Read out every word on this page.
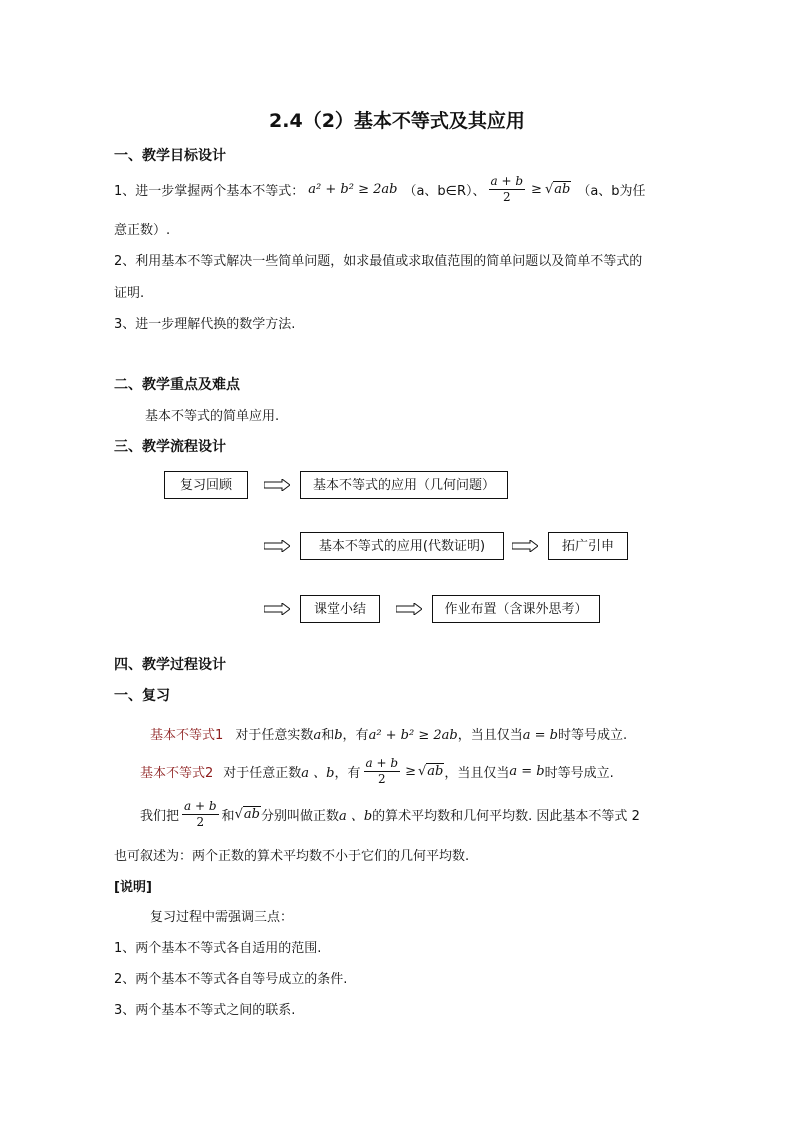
2.4（2）基本不等式及其应用
一、教学目标设计
1、进一步掌握两个基本不等式： a² + b² ≥ 2ab （a、b∈R）、 $\frac{a + b}{2} \ge √ab$ （a、b为任
意正数）.
2、利用基本不等式解决一些简单问题，如求最值或求取值范围的简单问题以及简单不等式的
证明.
3、进一步理解代换的数学方法.
二、教学重点及难点
基本不等式的简单应用.
三、教学流程设计
复习回顾	基本不等式的应用（几何问题）
基本不等式的应用(代数证明)	拓广引申
课堂小结	作业布置（含课外思考）
四、教学过程设计
一、复习
基本不等式1 对于任意实数a和b，有a² + b² ≥ 2ab，当且仅当a = b时等号成立.
基本不等式2 对于任意正数 a 、b ，有 $\frac{a + b}{2} \ge √ab$ ，当且仅当 a = b 时等号成立.
我们把 $\frac{a + b}{2}$ 和 √ab 分别叫做正数 a 、b 的算术平均数和几何平均数. 因此基本不等式 2
也可叙述为：两个正数的算术平均数不小于它们的几何平均数.
[说明]
复习过程中需强调三点：
1、两个基本不等式各自适用的范围.
2、两个基本不等式各自等号成立的条件.
3、两个基本不等式之间的联系.
